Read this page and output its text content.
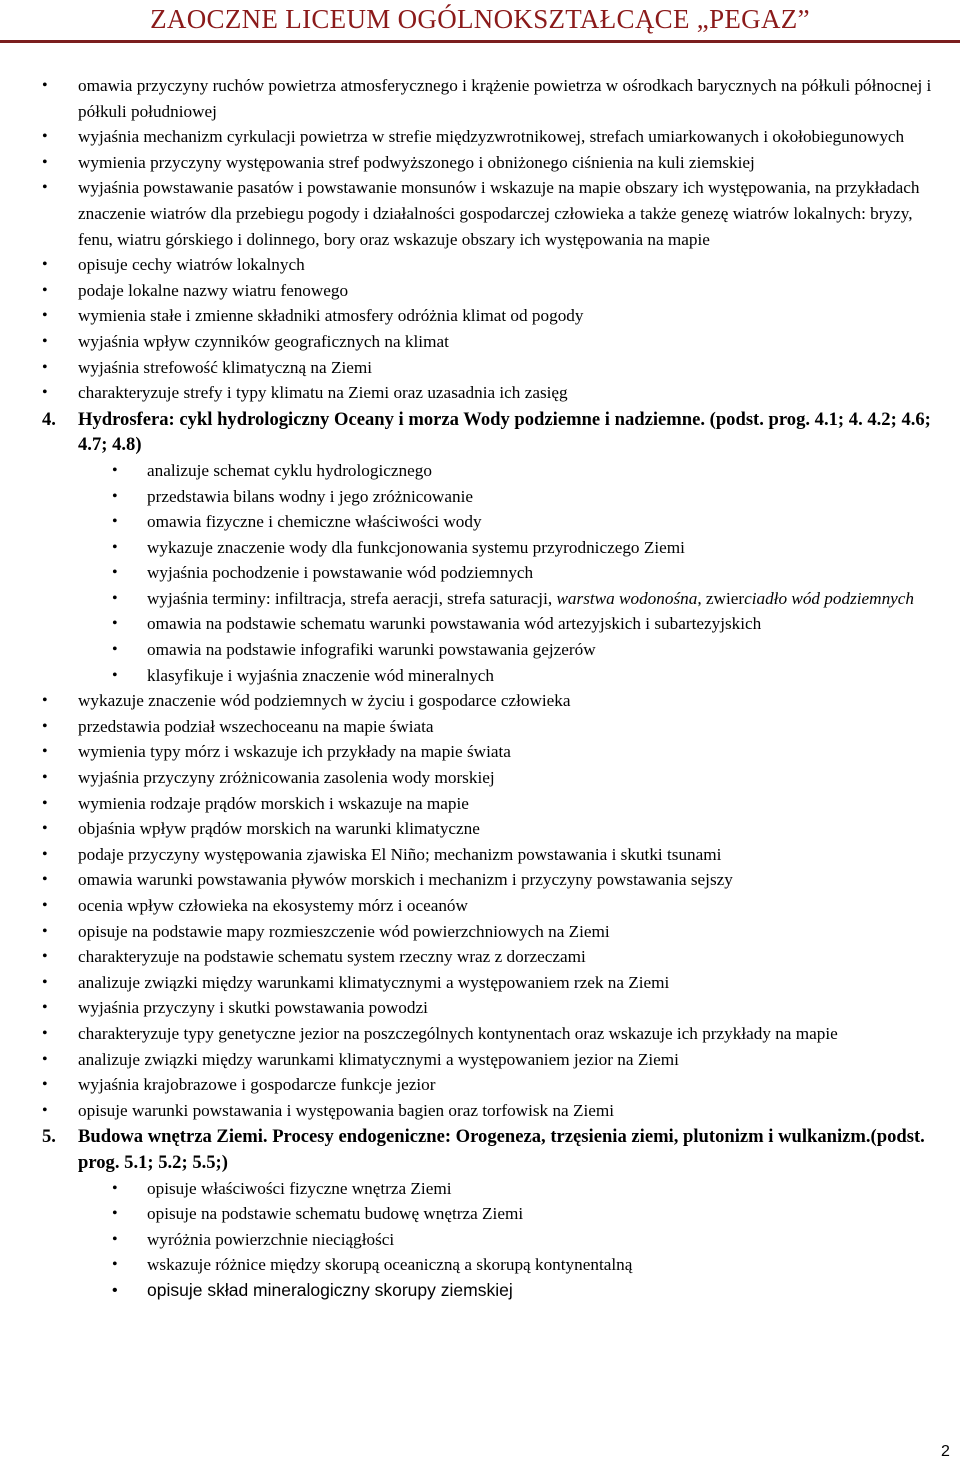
ZAOCZNE LICEUM OGÓLNOKSZTAŁCĄCE „PEGAZ”
• omawia przyczyny ruchów powietrza atmosferycznego i krążenie powietrza w ośrodkach barycznych na półkuli północnej i półkuli południowej
• wyjaśnia mechanizm cyrkulacji powietrza w strefie międzyzwrotnikowej, strefach umiarkowanych i okołobiegunowych
• wymienia przyczyny występowania stref podwyższonego i obniżonego ciśnienia na kuli ziemskiej
• wyjaśnia powstawanie pasatów i powstawanie monsunów i wskazuje na mapie obszary ich występowania, na przykładach znaczenie wiatrów dla przebiegu pogody i działalności gospodarczej człowieka a także genezę wiatrów lokalnych: bryzy, fenu, wiatru górskiego i dolinnego, bory oraz wskazuje obszary ich występowania na mapie
• opisuje cechy wiatrów lokalnych
• podaje lokalne nazwy wiatru fenowego
• wymienia stałe i zmienne składniki atmosfery odróżnia klimat od pogody
• wyjaśnia wpływ czynników geograficznych na klimat
• wyjaśnia strefowość klimatyczną na Ziemi
• charakteryzuje strefy i typy klimatu na Ziemi oraz uzasadnia ich zasięg
4. Hydrosfera: cykl hydrologiczny Oceany i morza Wody podziemne i nadziemne. (podst. prog. 4.1; 4. 4.2; 4.6; 4.7; 4.8)
• analizuje schemat cyklu hydrologicznego
• przedstawia bilans wodny i jego zróżnicowanie
• omawia fizyczne i chemiczne właściwości wody
• wykazuje znaczenie wody dla funkcjonowania systemu przyrodniczego Ziemi
• wyjaśnia pochodzenie i powstawanie wód podziemnych
• wyjaśnia terminy: infiltracja, strefa aeracji, strefa saturacji, warstwa wodonośna, zwierciadło wód podziemnych
• omawia na podstawie schematu warunki powstawania wód artezyjskich i subartezyjskich
• omawia na podstawie infografiki warunki powstawania gejzerów
• klasyfikuje i wyjaśnia znaczenie wód mineralnych
• wykazuje znaczenie wód podziemnych w życiu i gospodarce człowieka
• przedstawia podział wszechoceanu na mapie świata
• wymienia typy mórz i wskazuje ich przykłady na mapie świata
• wyjaśnia przyczyny zróżnicowania zasolenia wody morskiej
• wymienia rodzaje prądów morskich i wskazuje na mapie
• objaśnia wpływ prądów morskich na warunki klimatyczne
• podaje przyczyny występowania zjawiska El Niño; mechanizm powstawania i skutki tsunami
• omawia warunki powstawania pływów morskich i mechanizm i przyczyny powstawania sejszy
• ocenia wpływ człowieka na ekosystemy mórz i oceanów
• opisuje na podstawie mapy rozmieszczenie wód powierzchniowych na Ziemi
• charakteryzuje na podstawie schematu system rzeczny wraz z dorzeczami
• analizuje związki między warunkami klimatycznymi a występowaniem rzek na Ziemi
• wyjaśnia przyczyny i skutki powstawania powodzi
• charakteryzuje typy genetyczne jezior na poszczególnych kontynentach oraz wskazuje ich przykłady na mapie
• analizuje związki między warunkami klimatycznymi a występowaniem jezior na Ziemi
• wyjaśnia krajobrazowe i gospodarcze funkcje jezior
• opisuje warunki powstawania i występowania bagien oraz torfowisk na Ziemi
5. Budowa wnętrza Ziemi. Procesy endogeniczne: Orogeneza, trzęsienia ziemi, plutonizm i wulkanizm.(podst. prog. 5.1; 5.2; 5.5;)
• opisuje właściwości fizyczne wnętrza Ziemi
• opisuje na podstawie schematu budowę wnętrza Ziemi
• wyróżnia powierzchnie nieciągłości
• wskazuje różnice między skorupą oceaniczną a skorupą kontynentalną
• opisuje skład mineralogiczny skorupy ziemskiej
2
